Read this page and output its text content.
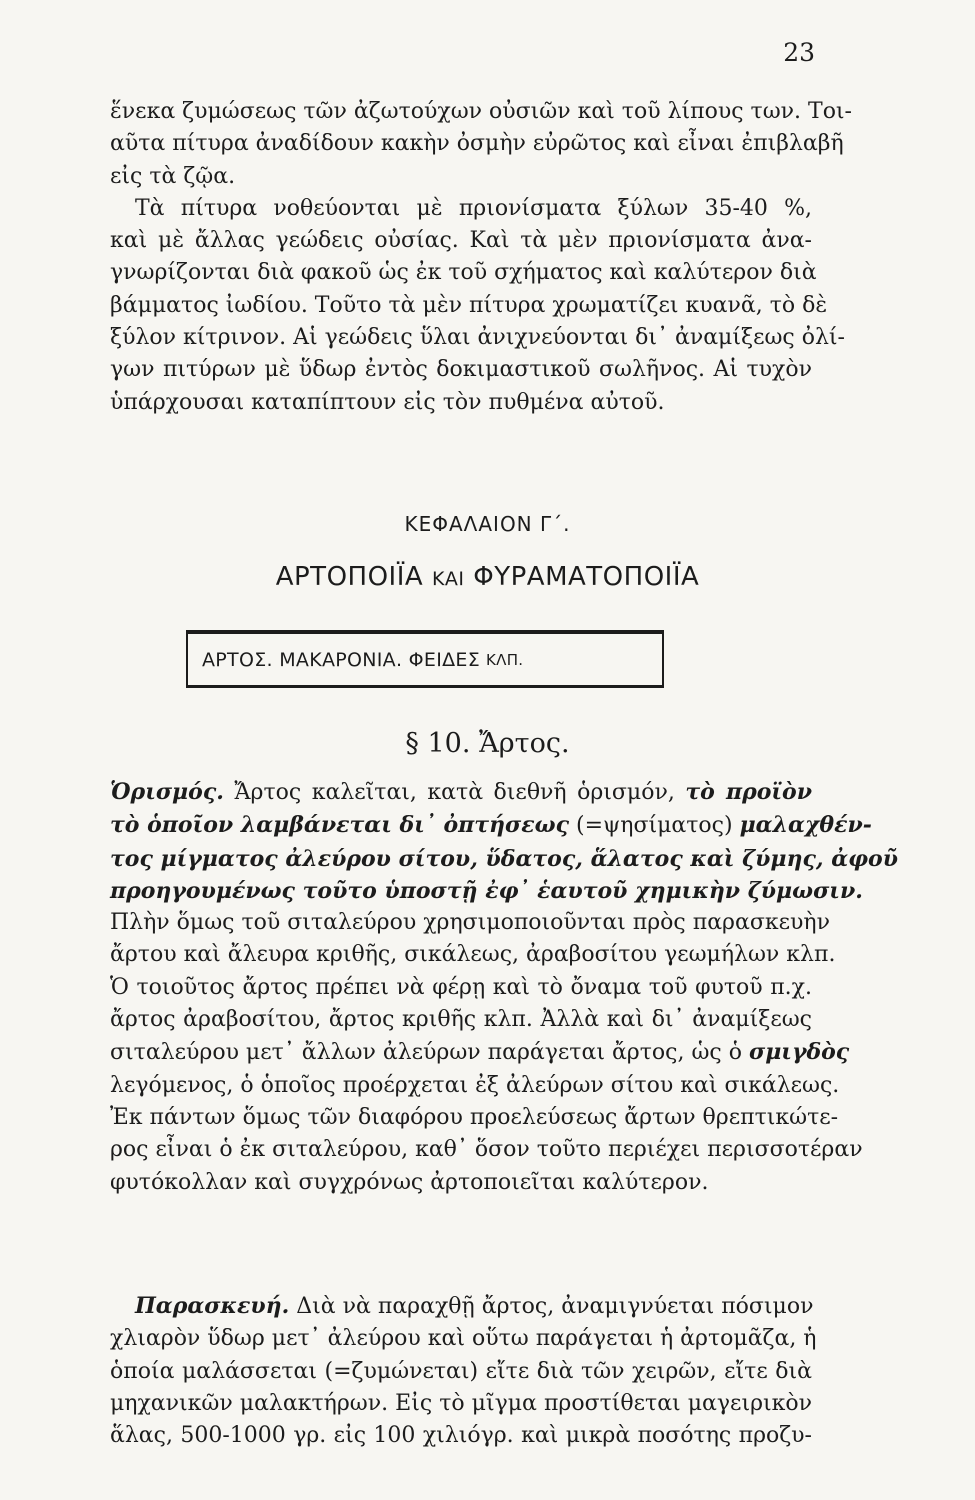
23
ἕνεκα ζυμώσεως τῶν ἀζωτούχων οὐσιῶν καὶ τοῦ λίπους των. Τοι-
αῦτα πίτυρα ἀναδίδουν κακὴν ὀσμὴν εὐρῶτος καὶ εἶναι ἐπιβλαβῆ
εἰς τὰ ζῷα.
Τὰ πίτυρα νοθεύονται μὲ πριονίσματα ξύλων 35-40 %,
καὶ μὲ ἄλλας γεώδεις οὐσίας. Καὶ τὰ μὲν πριονίσματα ἀνα-
γνωρίζονται διὰ φακοῦ ὡς ἐκ τοῦ σχήματος καὶ καλύτερον διὰ
βάμματος ἰωδίου. Τοῦτο τὰ μὲν πίτυρα χρωματίζει κυανᾶ, τὸ δὲ
ξύλον κίτρινον. Αἱ γεώδεις ὕλαι ἀνιχνεύονται δι᾽ ἀναμίξεως ὀλί-
γων πιτύρων μὲ ὕδωρ ἐντὸς δοκιμαστικοῦ σωλῆνος. Αἱ τυχὸν
ὑπάρχουσαι καταπίπτουν εἰς τὸν πυθμένα αὐτοῦ.
ΚΕΦΑΛΑΙΟΝ Γ΄.
ΑΡΤΟΠΟΙΪΑ ΚΑΙ ΦΥΡΑΜΑΤΟΠΟΙΪΑ
ΑΡΤΟΣ. ΜΑΚΑΡΟΝΙΑ. ΦΕΙΔΕΣ ΚΛΠ.
§ 10. Ἄρτος.
Ὁρισμός. Ἄρτος καλεῖται, κατὰ διεθνῆ ὁρισμόν, τὸ προϊὸν
τὸ ὁποῖον λαμβάνεται δι᾽ ὀπτήσεως (=ψησίματος) μαλαχθέν-
τος μίγματος ἀλεύρου σίτου, ὕδατος, ἅλατος καὶ ζύμης, ἀφοῦ
προηγουμένως τοῦτο ὑποστῇ ἐφ᾽ ἑαυτοῦ χημικὴν ζύμωσιν.
Πλὴν ὅμως τοῦ σιταλεύρου χρησιμοποιοῦνται πρὸς παρασκευὴν
ἄρτου καὶ ἄλευρα κριθῆς, σικάλεως, ἀραβοσίτου γεωμήλων κλπ.
Ὁ τοιοῦτος ἄρτος πρέπει νὰ φέρῃ καὶ τὸ ὄναμα τοῦ φυτοῦ π.χ.
ἄρτος ἀραβοσίτου, ἄρτος κριθῆς κλπ. Ἀλλὰ καὶ δι᾽ ἀναμίξεως
σιταλεύρου μετ᾽ ἄλλων ἀλεύρων παράγεται ἄρτος, ὡς ὁ σμιγδὸς
λεγόμενος, ὁ ὁποῖος προέρχεται ἐξ ἀλεύρων σίτου καὶ σικάλεως.
Ἐκ πάντων ὅμως τῶν διαφόρου προελεύσεως ἄρτων θρεπτικώτε-
ρος εἶναι ὁ ἐκ σιταλεύρου, καθ᾽ ὅσον τοῦτο περιέχει περισσοτέραν
φυτόκολλαν καὶ συγχρόνως ἀρτοποιεῖται καλύτερον.
Παρασκευή. Διὰ νὰ παραχθῇ ἄρτος, ἀναμιγνύεται πόσιμον
χλιαρὸν ὕδωρ μετ᾽ ἀλεύρου καὶ οὕτω παράγεται ἡ ἀρτομᾶζα, ἡ
ὁποία μαλάσσεται (=ζυμώνεται) εἴτε διὰ τῶν χειρῶν, εἴτε διὰ
μηχανικῶν μαλακτήρων. Εἰς τὸ μῖγμα προστίθεται μαγειρικὸν
ἅλας, 500-1000 γρ. εἰς 100 χιλιόγρ. καὶ μικρὰ ποσότης προζυ-
